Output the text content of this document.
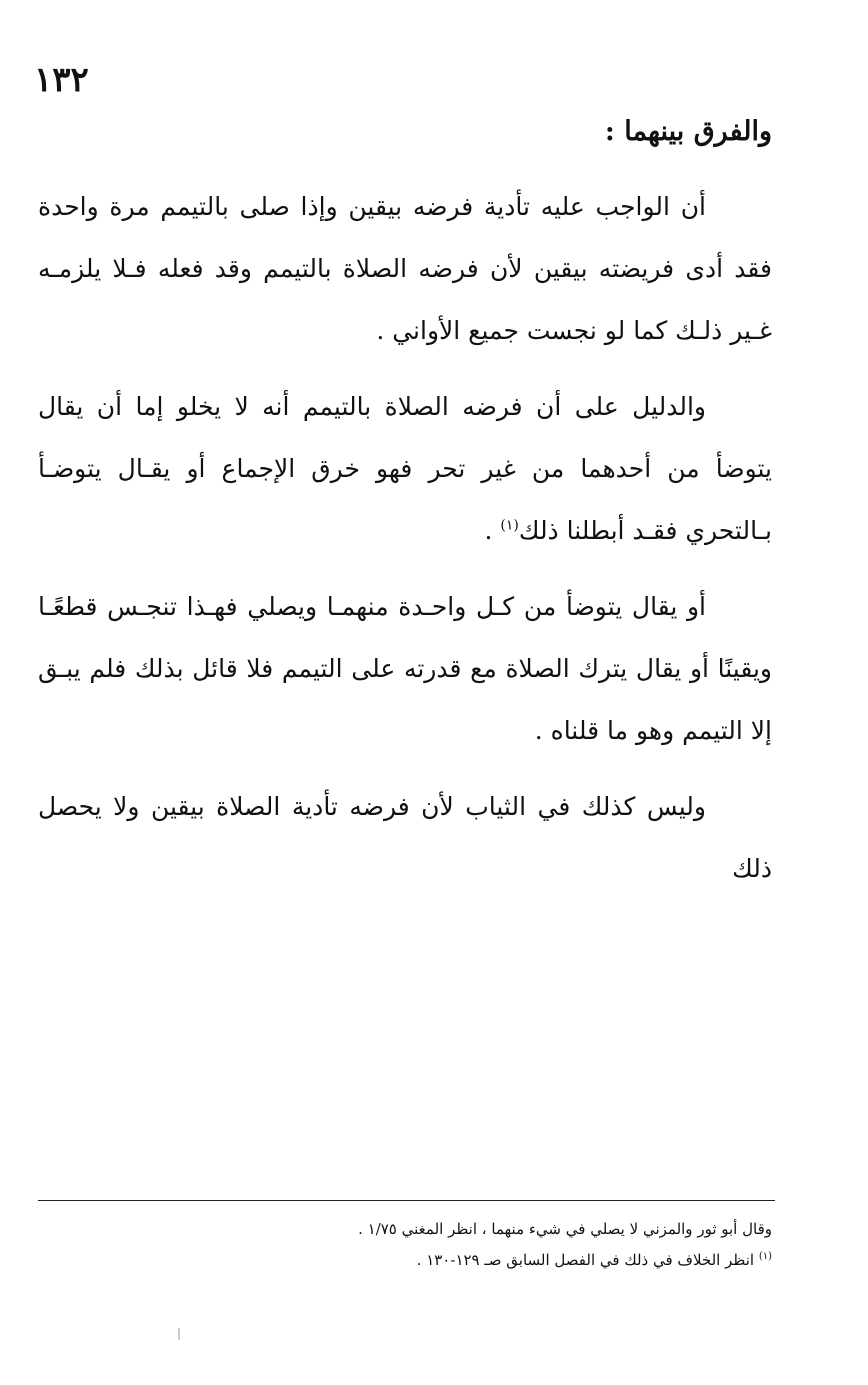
١٣٢
والفرق بينهما :

أن الواجب عليه تأدية فرضه بيقين وإذا صلى بالتيمم مرة واحدة فقد أدى فريضته بيقين لأن فرضه الصلاة بالتيمم وقد فعله فـلا يلزمـه غـير ذلـك كما لو نجست جميع الأواني .

والدليل على أن فرضه الصلاة بالتيمم أنه لا يخلو إما أن يقال يتوضأ من أحدهما من غير تحر فهو خرق الإجماع أو يقـال يتوضـأ بـالتحري فقـد أبطلنا ذلك$^{(١)}$ .

أو يقال يتوضأ من كـل واحـدة منهمـا ويصلي فهـذا تنجـس قطعًـا ويقينًا أو يقال يترك الصلاة مع قدرته على التيمم فلا قائل بذلك فلم يبـق إلا التيمم وهو ما قلناه .

وليس كذلك في الثياب لأن فرضه تأدية الصلاة بيقين ولا يحصل ذلك

وقال أبو ثور والمزني لا يصلي في شيء منهما ، انظر المغني ١/٧٥ .
$^{(١)}$ انظر الخلاف في ذلك في الفصل السابق صـ ١٢٩-١٣٠ .
